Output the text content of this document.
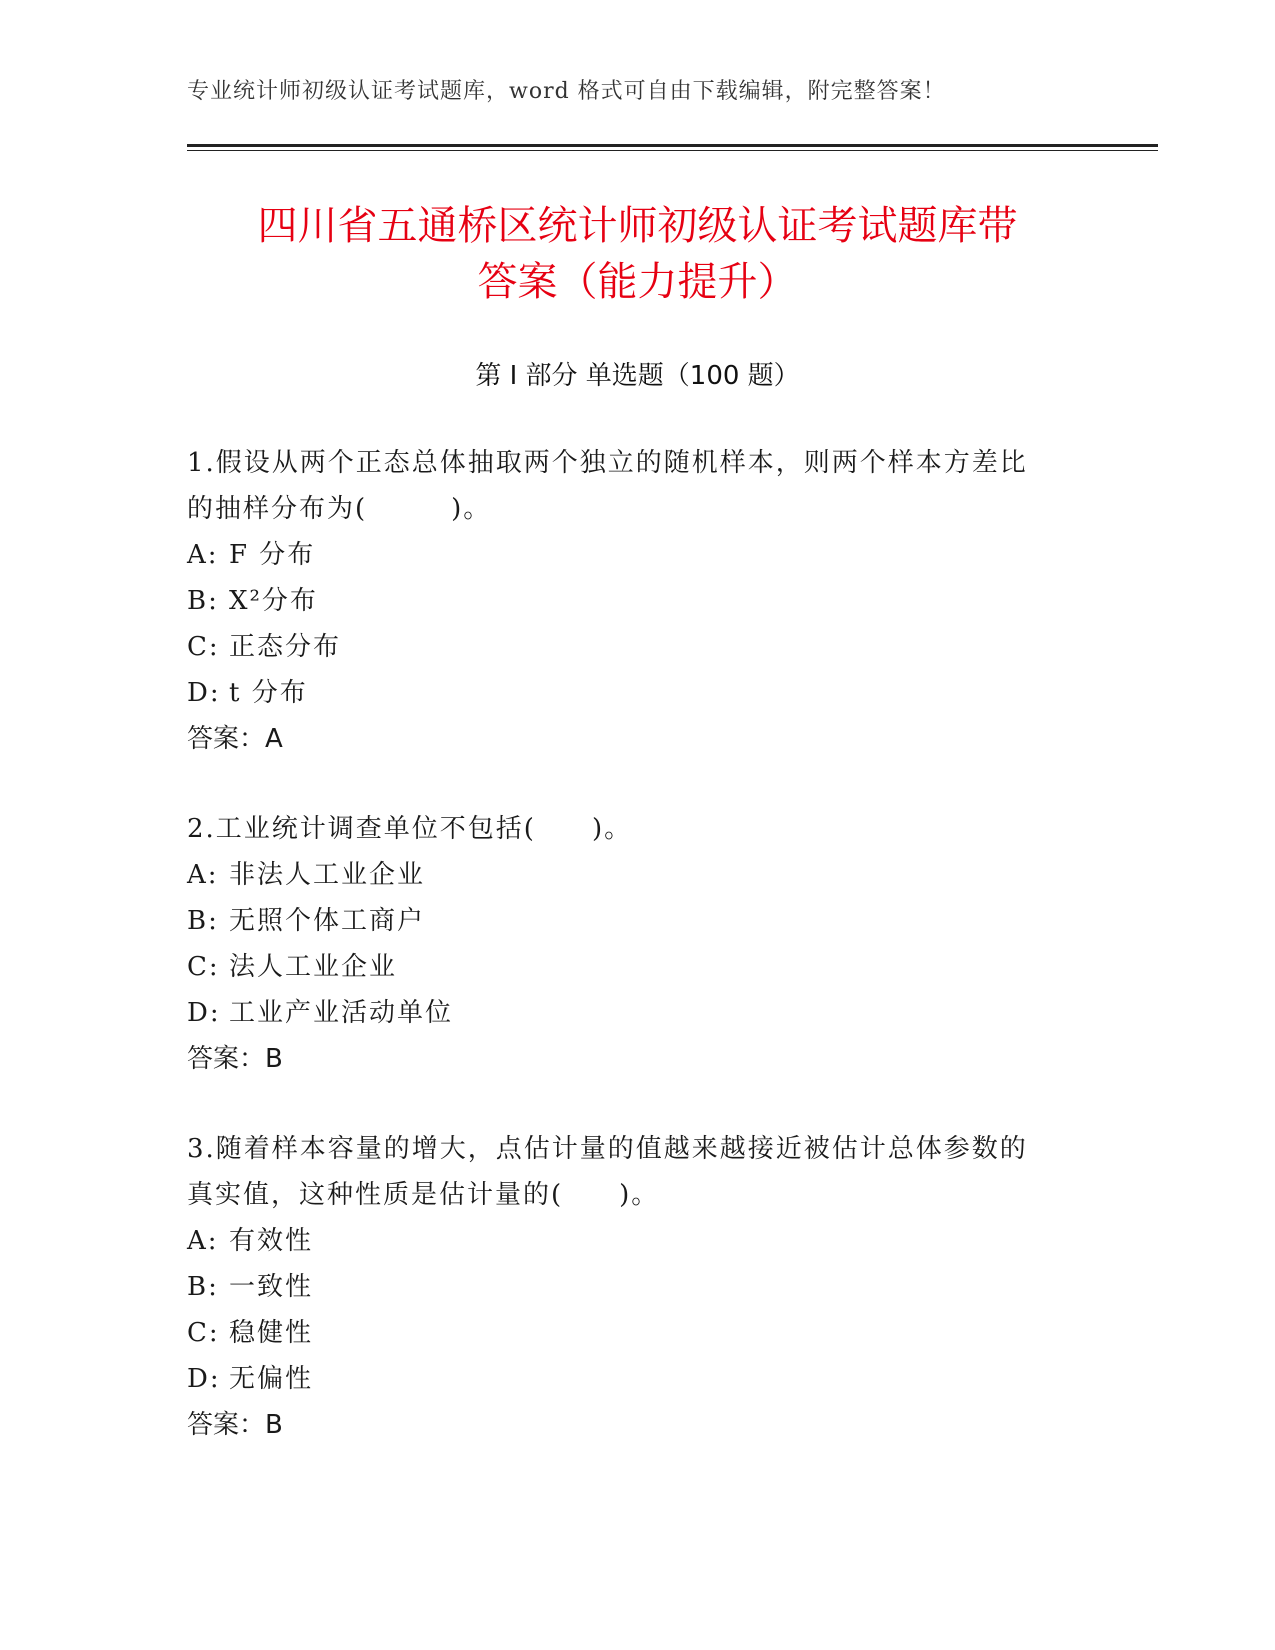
专业统计师初级认证考试题库，word 格式可自由下载编辑，附完整答案！
四川省五通桥区统计师初级认证考试题库带
答案（能力提升）
第 I 部分 单选题（100 题）

1.假设从两个正态总体抽取两个独立的随机样本，则两个样本方差比
的抽样分布为(　　　)。

A: F 分布
B: X²分布
C: 正态分布
D: t 分布
答案：A

2.工业统计调查单位不包括(　　)。

A: 非法人工业企业
B: 无照个体工商户
C: 法人工业企业
D: 工业产业活动单位
答案：B

3.随着样本容量的增大，点估计量的值越来越接近被估计总体参数的
真实值，这种性质是估计量的(　　)。

A: 有效性
B: 一致性
C: 稳健性
D: 无偏性
答案：B
